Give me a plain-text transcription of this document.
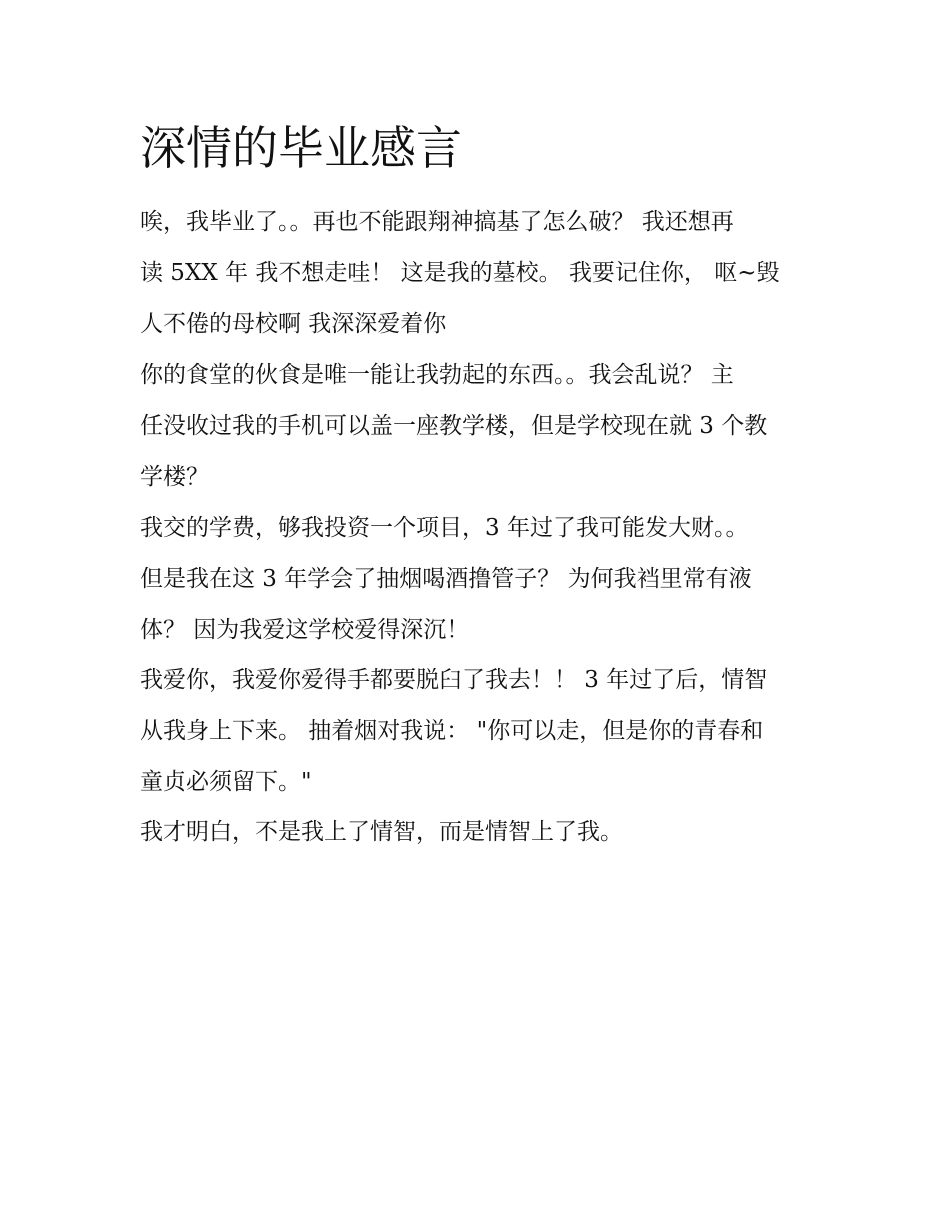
深情的毕业感言

唉，我毕业了。。再也不能跟翔神搞基了怎么破？ 我还想再

读 5XX 年 我不想走哇！ 这是我的墓校。 我要记住你， 呕~毁

人不倦的母校啊 我深深爱着你

你的食堂的伙食是唯一能让我勃起的东西。。我会乱说？ 主

任没收过我的手机可以盖一座教学楼，但是学校现在就 3 个教

学楼？

我交的学费，够我投资一个项目，3 年过了我可能发大财。。

但是我在这 3 年学会了抽烟喝酒撸管子？ 为何我裆里常有液

体？ 因为我爱这学校爱得深沉！

我爱你，我爱你爱得手都要脱臼了我去！！ 3 年过了后，情智

从我身上下来。 抽着烟对我说： "你可以走，但是你的青春和

童贞必须留下。"

我才明白，不是我上了情智，而是情智上了我。
